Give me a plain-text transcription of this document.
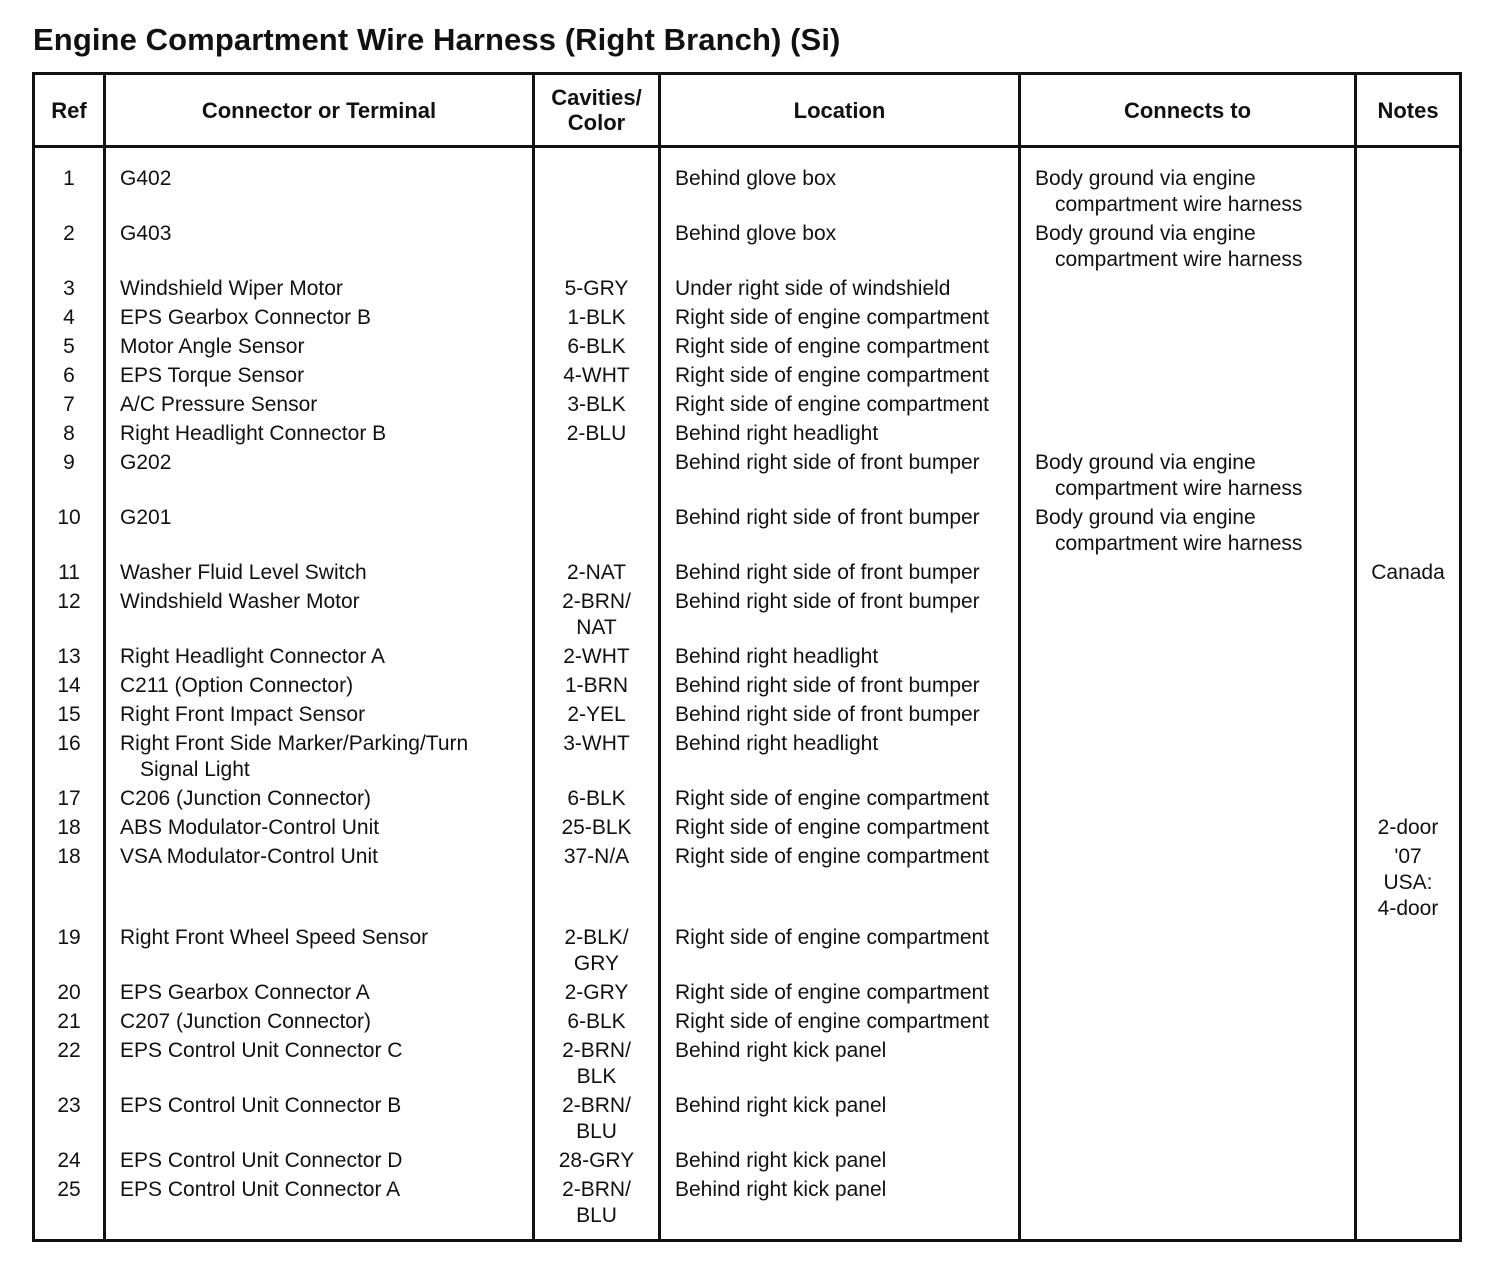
Engine Compartment Wire Harness (Right Branch) (Si)
Ref	Connector or Terminal	Cavities/
Color	Location	Connects to	Notes
1	G402		Behind glove box	Body ground via engine
compartment wire harness	

2	G403		Behind glove box	Body ground via engine
compartment wire harness	

3	Windshield Wiper Motor	5-GRY	Under right side of windshield		
4	EPS Gearbox Connector B	1-BLK	Right side of engine compartment		
5	Motor Angle Sensor	6-BLK	Right side of engine compartment		
6	EPS Torque Sensor	4-WHT	Right side of engine compartment		
7	A/C Pressure Sensor	3-BLK	Right side of engine compartment		
8	Right Headlight Connector B	2-BLU	Behind right headlight		
9	G202		Behind right side of front bumper	Body ground via engine
compartment wire harness	

10	G201		Behind right side of front bumper	Body ground via engine
compartment wire harness	

11	Washer Fluid Level Switch	2-NAT	Behind right side of front bumper		Canada

12	Windshield Washer Motor	2-BRN/
NAT	Behind right side of front bumper		
13	Right Headlight Connector A	2-WHT	Behind right headlight		
14	C211 (Option Connector)	1-BRN	Behind right side of front bumper		
15	Right Front Impact Sensor	2-YEL	Behind right side of front bumper		
16	Right Front Side Marker/Parking/Turn
Signal Light	3-WHT	Behind right headlight		
17	C206 (Junction Connector)	6-BLK	Right side of engine compartment		
18	ABS Modulator-Control Unit	25-BLK	Right side of engine compartment		2-door

18	VSA Modulator-Control Unit	37-N/A	Right side of engine compartment		'07
USA:
4-door

19	Right Front Wheel Speed Sensor	2-BLK/
GRY	Right side of engine compartment		
20	EPS Gearbox Connector A	2-GRY	Right side of engine compartment		
21	C207 (Junction Connector)	6-BLK	Right side of engine compartment		
22	EPS Control Unit Connector C	2-BRN/
BLK	Behind right kick panel		
23	EPS Control Unit Connector B	2-BRN/
BLU	Behind right kick panel		
24	EPS Control Unit Connector D	28-GRY	Behind right kick panel		
25	EPS Control Unit Connector A	2-BRN/
BLU	Behind right kick panel		
